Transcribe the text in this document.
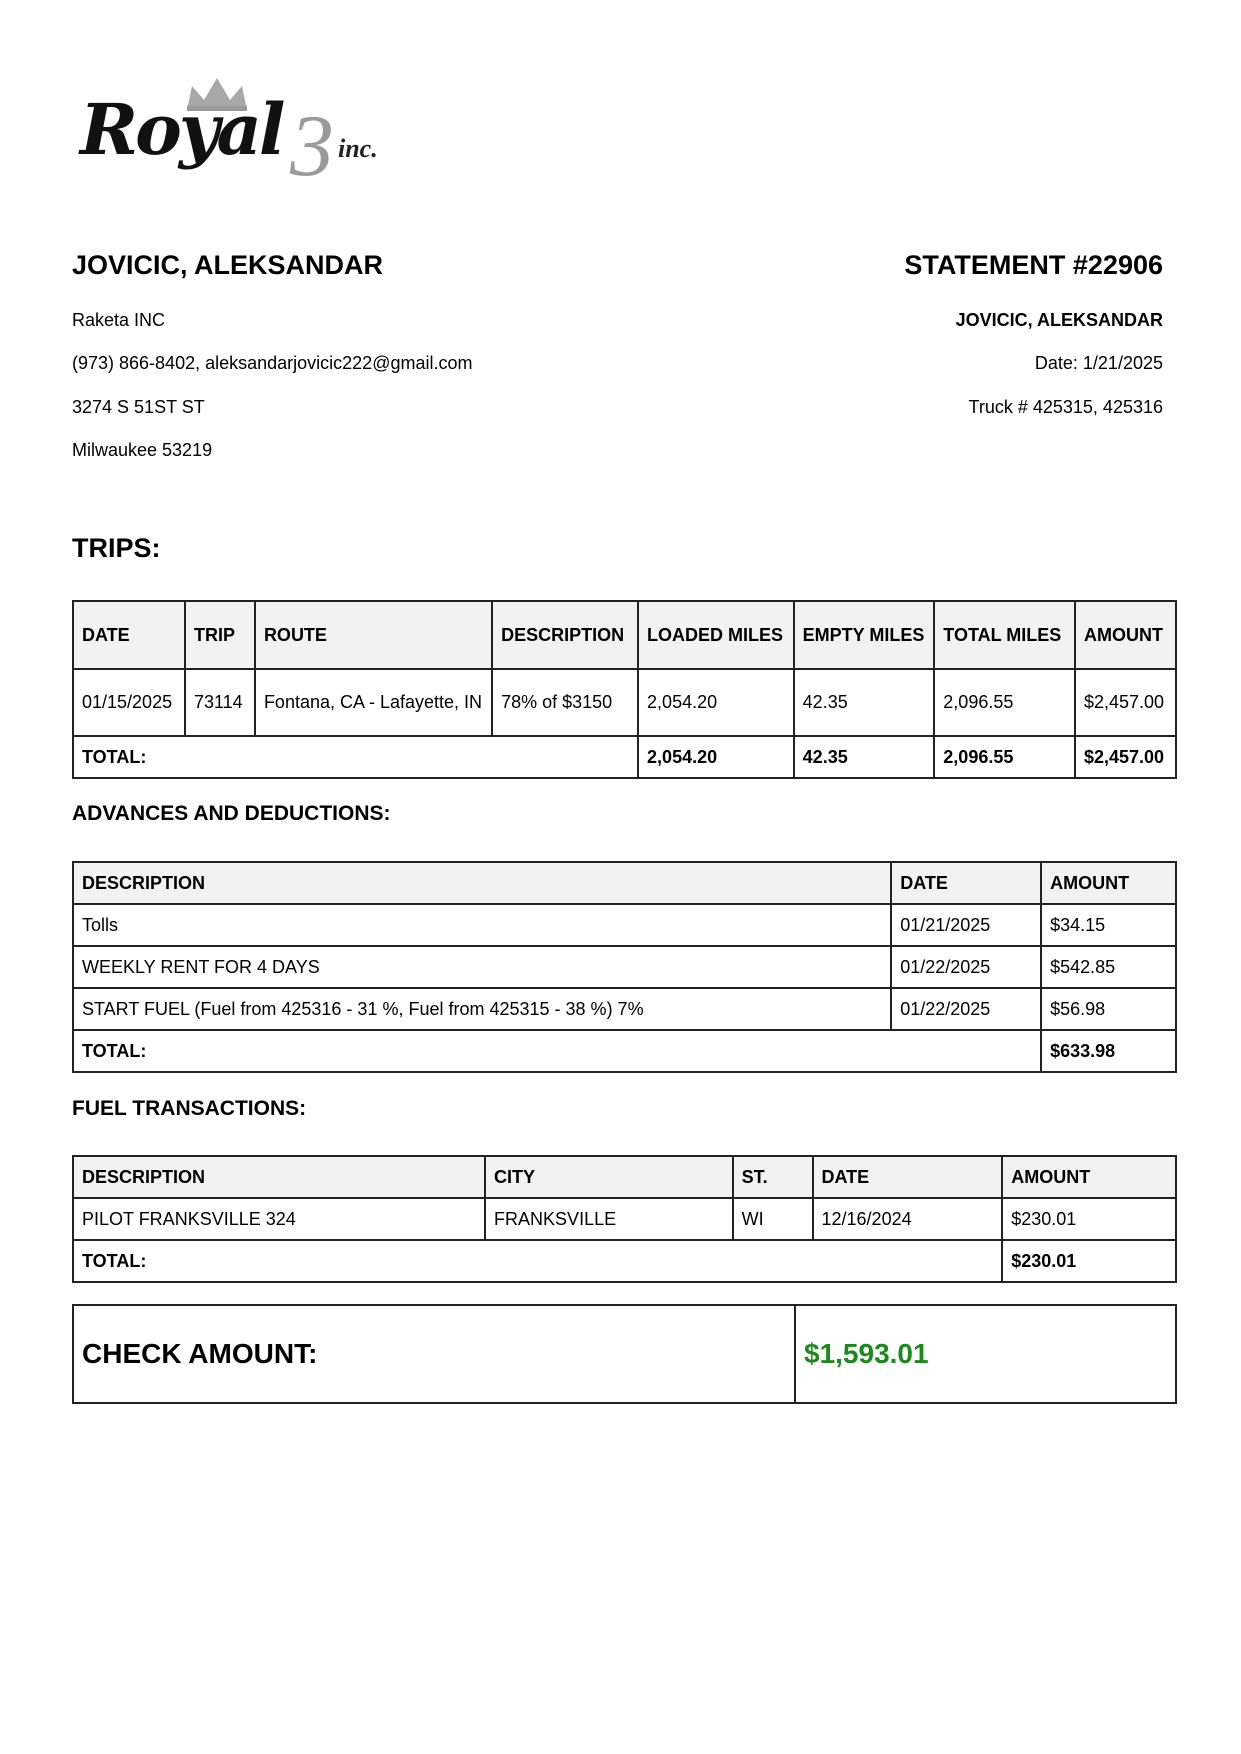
Royal 3 inc.
JOVICIC, ALEKSANDAR	STATEMENT #22906
Raketa INC
(973) 866-8402, aleksandarjovicic222@gmail.com
3274 S 51ST ST
Milwaukee 53219
JOVICIC, ALEKSANDAR
Date: 1/21/2025
Truck # 425315, 425316
TRIPS:
DATE	TRIP	ROUTE	DESCRIPTION	LOADED MILES	EMPTY MILES	TOTAL MILES	AMOUNT
01/15/2025	73114	Fontana, CA - Lafayette, IN	78% of $3150	2,054.20	42.35	2,096.55	$2,457.00
TOTAL:				2,054.20	42.35	2,096.55	$2,457.00
ADVANCES AND DEDUCTIONS:
DESCRIPTION	DATE	AMOUNT
Tolls	01/21/2025	$34.15
WEEKLY RENT FOR 4 DAYS	01/22/2025	$542.85
START FUEL (Fuel from 425316 - 31 %, Fuel from 425315 - 38 %) 7%	01/22/2025	$56.98
TOTAL:		$633.98
FUEL TRANSACTIONS:
DESCRIPTION	CITY	ST.	DATE	AMOUNT
PILOT FRANKSVILLE 324	FRANKSVILLE	WI	12/16/2024	$230.01
TOTAL:				$230.01
CHECK AMOUNT:	$1,593.01
